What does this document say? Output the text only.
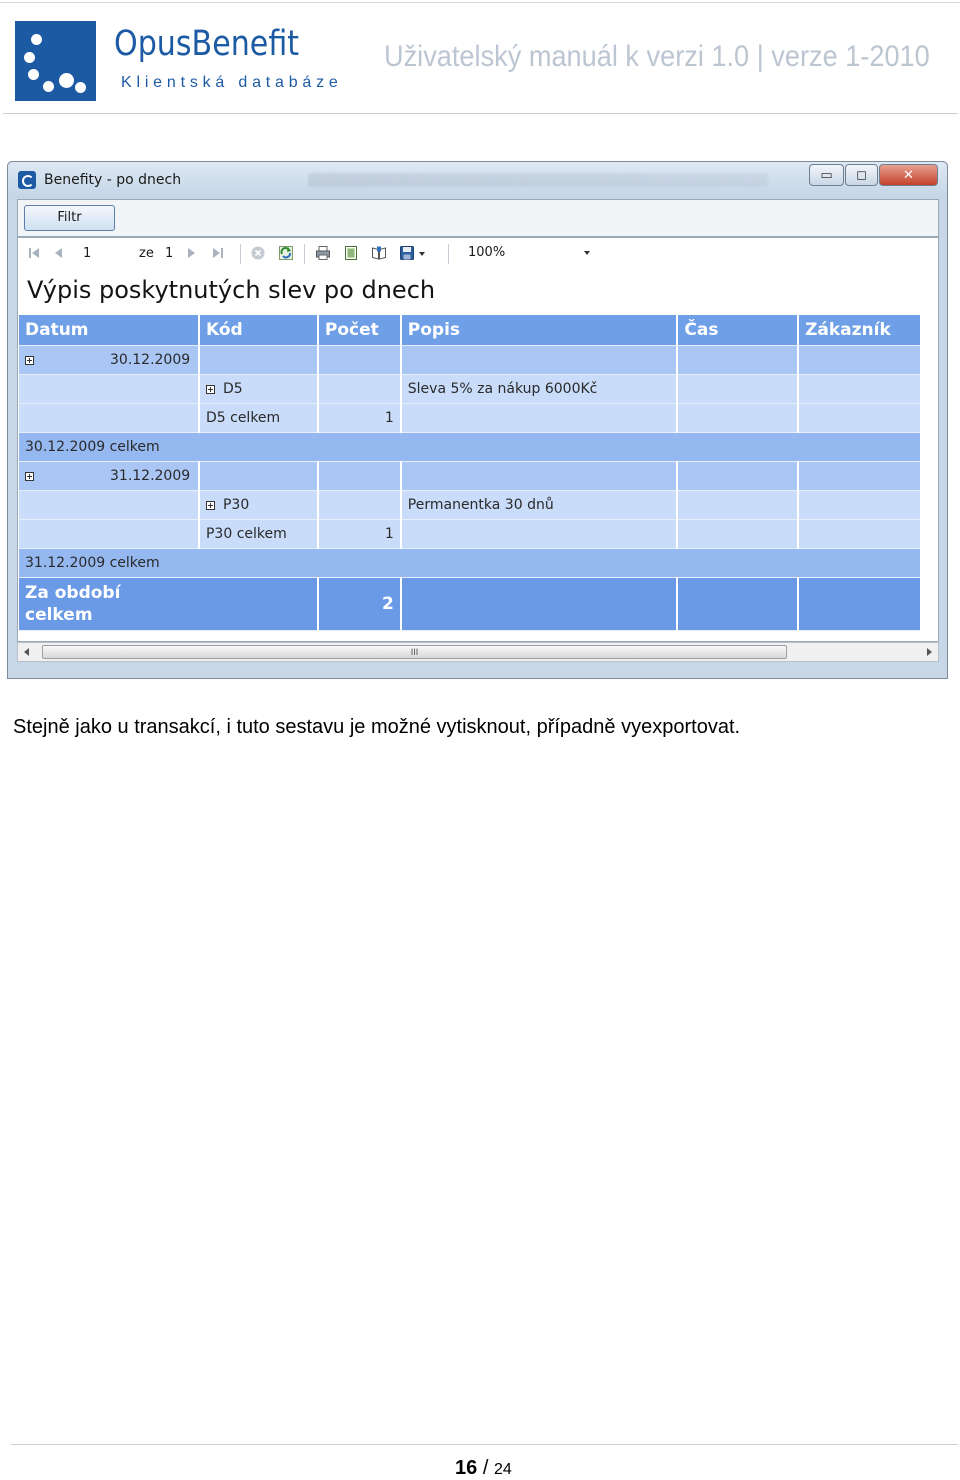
OpusBenefit
Klientská databáze
Uživatelský manuál k verzi 1.0 | verze 1-2010
Benefity - po dnech	▭	◻	✕
Filtr
1	ze 1	100%
Výpis poskytnutých slev po dnech
Datum	Kód	Počet	Popis	Čas	Zákazník
30.12.2009					
	D5		Sleva 5% za nákup 6000Kč		
	D5 celkem	1			
30.12.2009 celkem					
31.12.2009					
	P30		Permanentka 30 dnů		
	P30 celkem	1			
31.12.2009 celkem					
Za období
celkem		2			
III
Stejně jako u transakcí, i tuto sestavu je možné vytisknout, případně vyexportovat.
16 / 24
